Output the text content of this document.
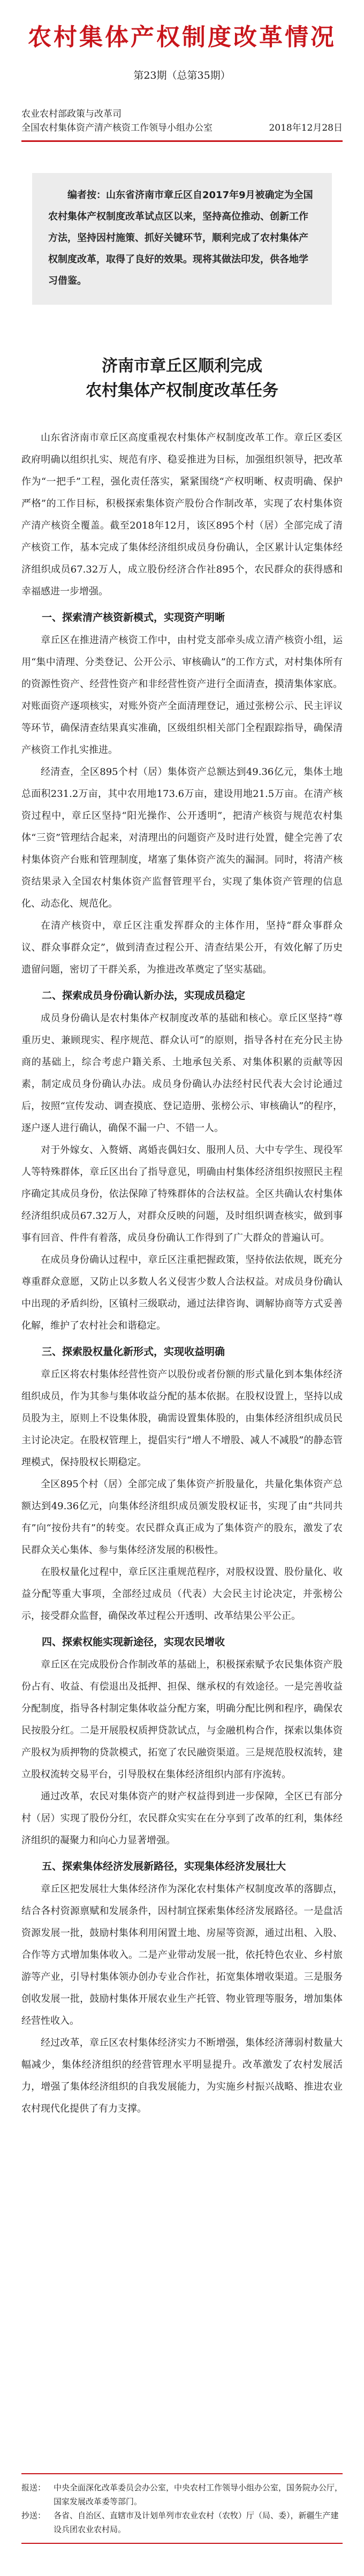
农村集体产权制度改革情况
第23期（总第35期）
农业农村部政策与改革司
全国农村集体资产清产核资工作领导小组办公室	2018年12月28日
编者按：山东省济南市章丘区自2017年9月被确定为全国农村集体产权制度改革试点区以来，坚持高位推动、创新工作方法，坚持因村施策、抓好关键环节，顺利完成了农村集体产权制度改革，取得了良好的效果。现将其做法印发，供各地学习借鉴。
济南市章丘区顺利完成
农村集体产权制度改革任务

山东省济南市章丘区高度重视农村集体产权制度改革工作。章丘区委区政府明确以组织扎实、规范有序、稳妥推进为目标，加强组织领导，把改革作为“一把手”工程，强化责任落实，紧紧围绕“产权明晰、权责明确、保护严格”的工作目标，积极探索集体资产股份合作制改革，实现了农村集体资产清产核资全覆盖。截至2018年12月，该区895个村（居）全部完成了清产核资工作，基本完成了集体经济组织成员身份确认，全区累计认定集体经济组织成员67.32万人，成立股份经济合作社895个，农民群众的获得感和幸福感进一步增强。

一、探索清产核资新模式，实现资产明晰

章丘区在推进清产核资工作中，由村党支部牵头成立清产核资小组，运用“集中清理、分类登记、公开公示、审核确认”的工作方式，对村集体所有的资源性资产、经营性资产和非经营性资产进行全面清查，摸清集体家底。对账面资产逐项核实，对账外资产全面清理登记，通过张榜公示、民主评议等环节，确保清查结果真实准确，区级组织相关部门全程跟踪指导，确保清产核资工作扎实推进。

经清查，全区895个村（居）集体资产总额达到49.36亿元，集体土地总面积231.2万亩，其中农用地173.6万亩，建设用地21.5万亩。在清产核资过程中，章丘区坚持“阳光操作、公开透明”，把清产核资与规范农村集体“三资”管理结合起来，对清理出的问题资产及时进行处置，健全完善了农村集体资产台账和管理制度，堵塞了集体资产流失的漏洞。同时，将清产核资结果录入全国农村集体资产监督管理平台，实现了集体资产管理的信息化、动态化、规范化。

在清产核资中，章丘区注重发挥群众的主体作用，坚持“群众事群众议、群众事群众定”，做到清查过程公开、清查结果公开，有效化解了历史遗留问题，密切了干群关系，为推进改革奠定了坚实基础。

二、探索成员身份确认新办法，实现成员稳定

成员身份确认是农村集体产权制度改革的基础和核心。章丘区坚持“尊重历史、兼顾现实、程序规范、群众认可”的原则，指导各村在充分民主协商的基础上，综合考虑户籍关系、土地承包关系、对集体积累的贡献等因素，制定成员身份确认办法。成员身份确认办法经村民代表大会讨论通过后，按照“宣传发动、调查摸底、登记造册、张榜公示、审核确认”的程序，逐户逐人进行确认，确保不漏一户、不错一人。

对于外嫁女、入赘婿、离婚丧偶妇女、服刑人员、大中专学生、现役军人等特殊群体，章丘区出台了指导意见，明确由村集体经济组织按照民主程序确定其成员身份，依法保障了特殊群体的合法权益。全区共确认农村集体经济组织成员67.32万人，对群众反映的问题，及时组织调查核实，做到事事有回音、件件有着落，成员身份确认工作得到了广大群众的普遍认可。

在成员身份确认过程中，章丘区注重把握政策，坚持依法依规，既充分尊重群众意愿，又防止以多数人名义侵害少数人合法权益。对成员身份确认中出现的矛盾纠纷，区镇村三级联动，通过法律咨询、调解协商等方式妥善化解，维护了农村社会和谐稳定。

三、探索股权量化新形式，实现收益明确

章丘区将农村集体经营性资产以股份或者份额的形式量化到本集体经济组织成员，作为其参与集体收益分配的基本依据。在股权设置上，坚持以成员股为主，原则上不设集体股，确需设置集体股的，由集体经济组织成员民主讨论决定。在股权管理上，提倡实行“增人不增股、减人不减股”的静态管理模式，保持股权长期稳定。

全区895个村（居）全部完成了集体资产折股量化，共量化集体资产总额达到49.36亿元，向集体经济组织成员颁发股权证书，实现了由“共同共有”向“按份共有”的转变。农民群众真正成为了集体资产的股东，激发了农民群众关心集体、参与集体经济发展的积极性。

在股权量化过程中，章丘区注重规范程序，对股权设置、股份量化、收益分配等重大事项，全部经过成员（代表）大会民主讨论决定，并张榜公示，接受群众监督，确保改革过程公开透明、改革结果公平公正。

四、探索权能实现新途径，实现农民增收

章丘区在完成股份合作制改革的基础上，积极探索赋予农民集体资产股份占有、收益、有偿退出及抵押、担保、继承权的有效途径。一是完善收益分配制度，指导各村制定集体收益分配方案，明确分配比例和程序，确保农民按股分红。二是开展股权质押贷款试点，与金融机构合作，探索以集体资产股权为质押物的贷款模式，拓宽了农民融资渠道。三是规范股权流转，建立股权流转交易平台，引导股权在集体经济组织内部有序流转。

通过改革，农民对集体资产的财产权益得到进一步保障，全区已有部分村（居）实现了股份分红，农民群众实实在在分享到了改革的红利，集体经济组织的凝聚力和向心力显著增强。

五、探索集体经济发展新路径，实现集体经济发展壮大

章丘区把发展壮大集体经济作为深化农村集体产权制度改革的落脚点，结合各村资源禀赋和发展条件，因村制宜探索集体经济发展路径。一是盘活资源发展一批，鼓励村集体利用闲置土地、房屋等资源，通过出租、入股、合作等方式增加集体收入。二是产业带动发展一批，依托特色农业、乡村旅游等产业，引导村集体领办创办专业合作社，拓宽集体增收渠道。三是服务创收发展一批，鼓励村集体开展农业生产托管、物业管理等服务，增加集体经营性收入。

经过改革，章丘区农村集体经济实力不断增强，集体经济薄弱村数量大幅减少，集体经济组织的经营管理水平明显提升。改革激发了农村发展活力，增强了集体经济组织的自我发展能力，为实施乡村振兴战略、推进农业农村现代化提供了有力支撑。

报送： 中央全面深化改革委员会办公室，中央农村工作领导小组办公室，国务院办公厅，国家发展改革委等部门。
抄送： 各省、自治区、直辖市及计划单列市农业农村（农牧）厅（局、委），新疆生产建设兵团农业农村局。
